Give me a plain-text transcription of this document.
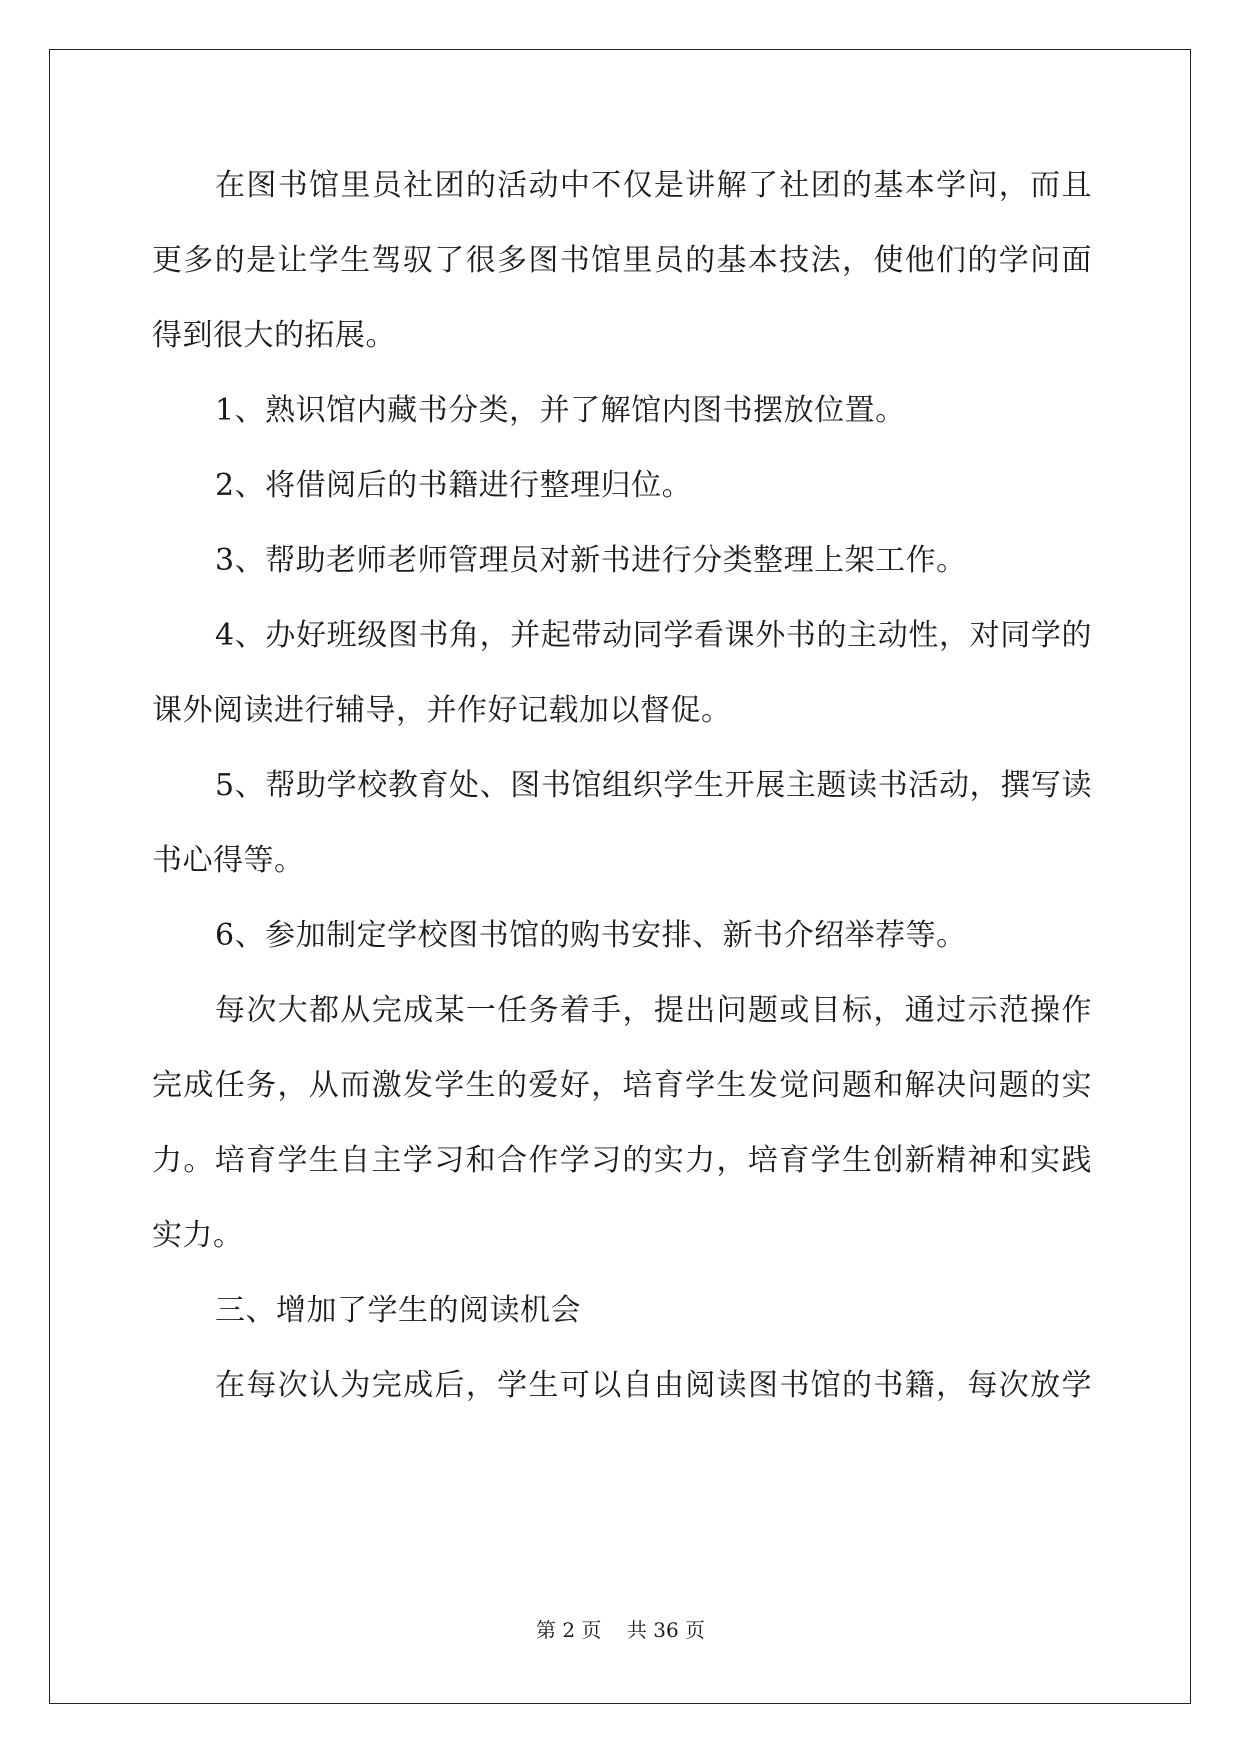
在图书馆里员社团的活动中不仅是讲解了社团的基本学问，而且
更多的是让学生驾驭了很多图书馆里员的基本技法，使他们的学问面
得到很大的拓展。
1、熟识馆内藏书分类，并了解馆内图书摆放位置。
2、将借阅后的书籍进行整理归位。
3、帮助老师老师管理员对新书进行分类整理上架工作。
4、办好班级图书角，并起带动同学看课外书的主动性，对同学的
课外阅读进行辅导，并作好记载加以督促。
5、帮助学校教育处、图书馆组织学生开展主题读书活动，撰写读
书心得等。
6、参加制定学校图书馆的购书安排、新书介绍举荐等。
每次大都从完成某一任务着手，提出问题或目标，通过示范操作
完成任务，从而激发学生的爱好，培育学生发觉问题和解决问题的实
力。培育学生自主学习和合作学习的实力，培育学生创新精神和实践
实力。
三、增加了学生的阅读机会
在每次认为完成后，学生可以自由阅读图书馆的书籍，每次放学
第 2 页 共 36 页
